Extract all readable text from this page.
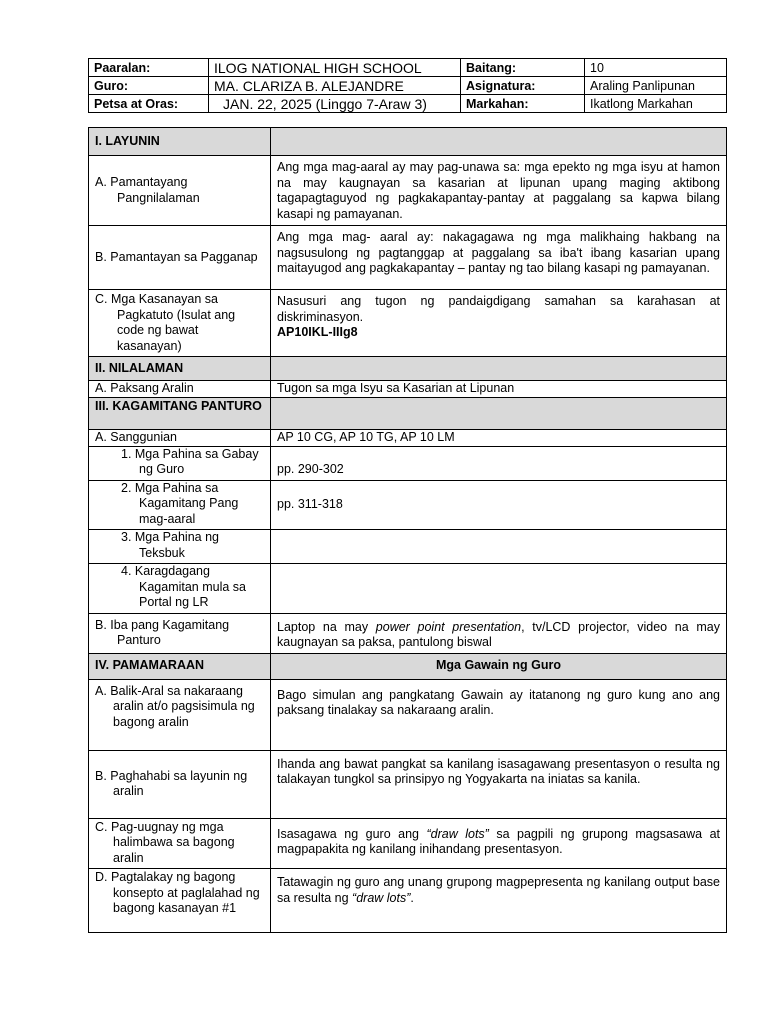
Paaralan:	ILOG NATIONAL HIGH SCHOOL	Baitang:	10
Guro:	MA. CLARIZA B. ALEJANDRE	Asignatura:	Araling Panlipunan
Petsa at Oras:	JAN. 22, 2025 (Linggo 7-Araw 3)	Markahan:	Ikatlong Markahan
I. LAYUNIN	

A. Pamantayang Pangnilalaman	Ang mga mag-aaral ay may pag-unawa sa: mga epekto ng mga isyu at hamon na may kaugnayan sa kasarian at lipunan upang maging aktibong tagapagtaguyod ng pagkakapantay-pantay at paggalang sa kapwa bilang kasapi ng pamayanan.

B. Pamantayan sa Pagganap	Ang mga mag- aaral ay: nakagagawa ng mga malikhaing hakbang na nagsusulong ng pagtanggap at paggalang sa iba't ibang kasarian upang maitayugod ang pagkakapantay – pantay ng tao bilang kasapi ng pamayanan.

C. Mga Kasanayan sa Pagkatuto (Isulat ang code ng bawat kasanayan)	Nasusuri ang tugon ng pandaigdigang samahan sa karahasan at diskriminasyon.
AP10IKL-IIIg8
II. NILALAMAN	

A. Paksang Aralin	Tugon sa mga Isyu sa Kasarian at Lipunan

III. KAGAMITANG PANTURO	

A. Sanggunian	AP 10 CG, AP 10 TG, AP 10 LM

1. Mga Pahina sa Gabay ng Guro	pp. 290-302

2. Mga Pahina sa Kagamitang Pang mag-aaral	pp. 311-318

3. Mga Pahina ng Teksbuk	

4. Karagdagang Kagamitan mula sa Portal ng LR	

B. Iba pang Kagamitang Panturo	Laptop na may power point presentation, tv/LCD projector, video na may kaugnayan sa paksa, pantulong biswal
IV. PAMAMARAAN	Mga Gawain ng Guro

A. Balik-Aral sa nakaraang aralin at/o pagsisimula ng bagong aralin	Bago simulan ang pangkatang Gawain ay itatanong ng guro kung ano ang paksang tinalakay sa nakaraang aralin.

B. Paghahabi sa layunin ng aralin	Ihanda ang bawat pangkat sa kanilang isasagawang presentasyon o resulta ng talakayan tungkol sa prinsipyo ng Yogyakarta na iniatas sa kanila.

C. Pag-uugnay ng mga halimbawa sa bagong aralin	Isasagawa ng guro ang “draw lots” sa pagpili ng grupong magsasawa at magpapakita ng kanilang inihandang presentasyon.

D. Pagtalakay ng bagong konsepto at paglalahad ng bagong kasanayan #1	Tatawagin ng guro ang unang grupong magpepresenta ng kanilang output base sa resulta ng “draw lots”.
